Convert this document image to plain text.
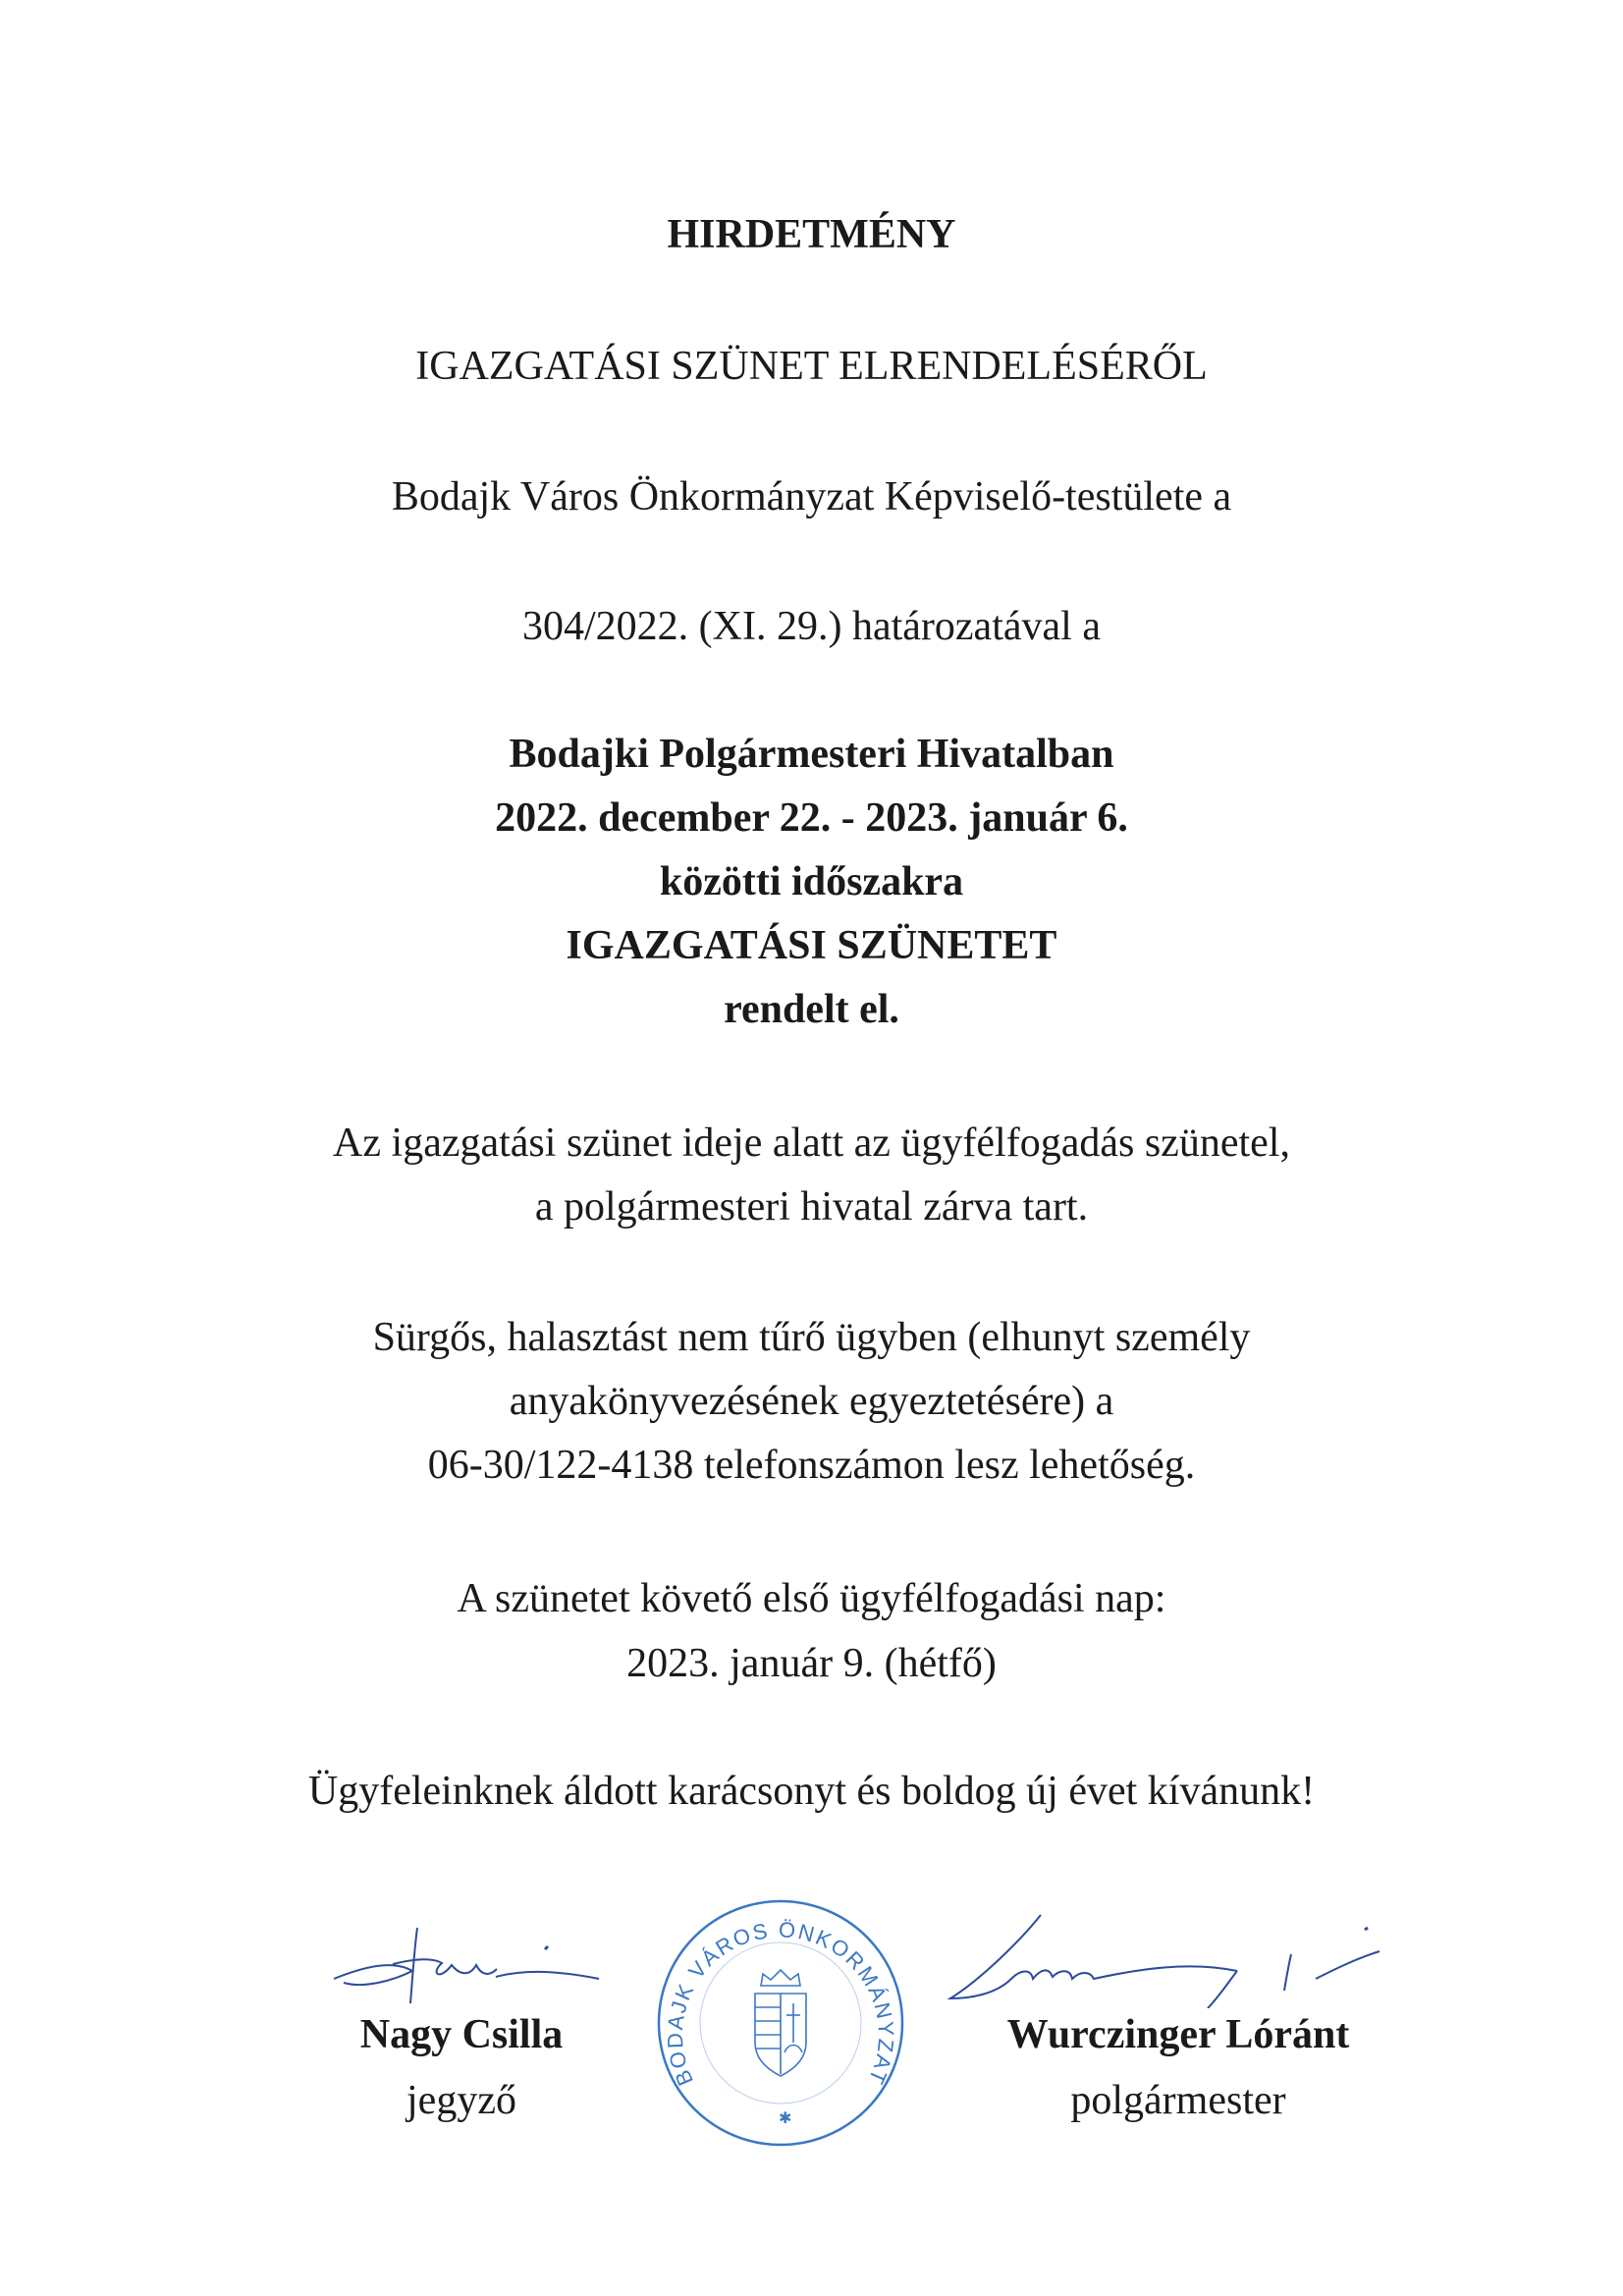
HIRDETMÉNY
IGAZGATÁSI SZÜNET ELRENDELÉSÉRŐL
Bodajk Város Önkormányzat Képviselő-testülete a
304/2022. (XI. 29.) határozatával a
Bodajki Polgármesteri Hivatalban
2022. december 22. - 2023. január 6.
közötti időszakra
IGAZGATÁSI SZÜNETET
rendelt el.
Az igazgatási szünet ideje alatt az ügyfélfogadás szünetel,
a polgármesteri hivatal zárva tart.
Sürgős, halasztást nem tűrő ügyben (elhunyt személy
anyakönyvezésének egyeztetésére) a
06-30/122-4138 telefonszámon lesz lehetőség.
A szünetet követő első ügyfélfogadási nap:
2023. január 9. (hétfő)
Ügyfeleinknek áldott karácsonyt és boldog új évet kívánunk!
Nagy Csilla
jegyző
Wurczinger Lóránt
polgármester
BODAJK VÁROS ÖNKORMÁNYZAT
✱
